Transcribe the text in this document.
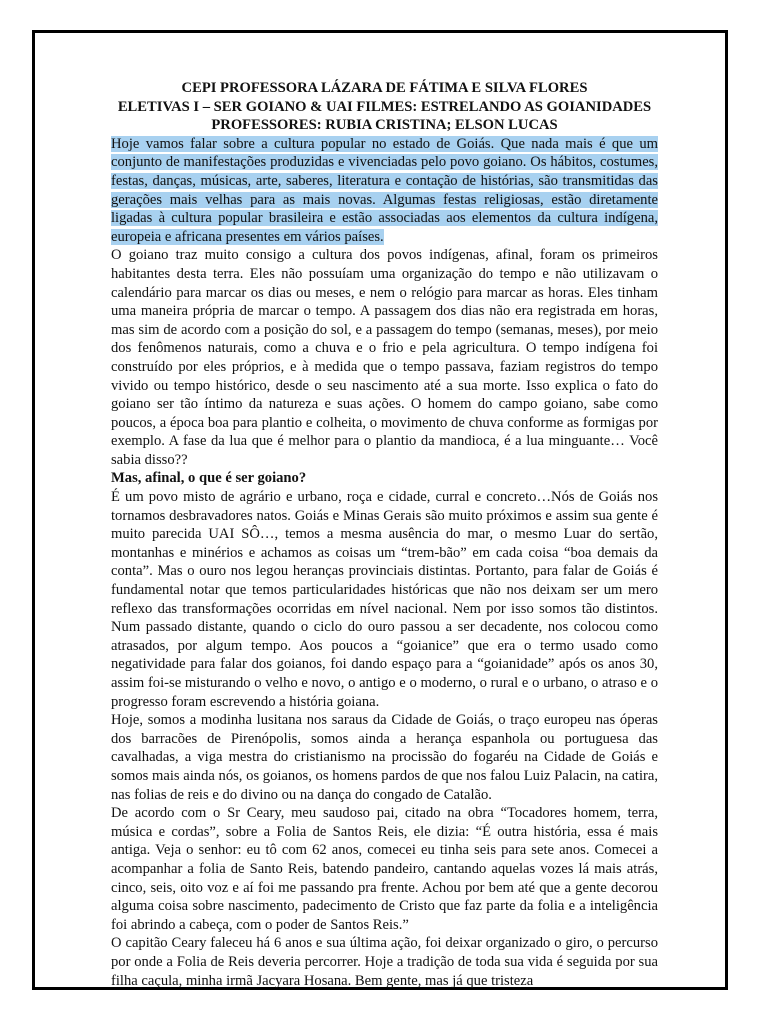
CEPI PROFESSORA LÁZARA DE FÁTIMA E SILVA FLORES
ELETIVAS I – SER GOIANO & UAI FILMES: ESTRELANDO AS GOIANIDADES
PROFESSORES: RUBIA CRISTINA; ELSON LUCAS

Hoje vamos falar sobre a cultura popular no estado de Goiás. Que nada mais é que um conjunto de manifestações produzidas e vivenciadas pelo povo goiano. Os hábitos, costumes, festas, danças, músicas, arte, saberes, literatura e contação de histórias, são transmitidas das gerações mais velhas para as mais novas. Algumas festas religiosas, estão diretamente ligadas à cultura popular brasileira e estão associadas aos elementos da cultura indígena, europeia e africana presentes em vários países.

O goiano traz muito consigo a cultura dos povos indígenas, afinal, foram os primeiros habitantes desta terra. Eles não possuíam uma organização do tempo e não utilizavam o calendário para marcar os dias ou meses, e nem o relógio para marcar as horas. Eles tinham uma maneira própria de marcar o tempo. A passagem dos dias não era registrada em horas, mas sim de acordo com a posição do sol, e a passagem do tempo (semanas, meses), por meio dos fenômenos naturais, como a chuva e o frio e pela agricultura. O tempo indígena foi construído por eles próprios, e à medida que o tempo passava, faziam registros do tempo vivido ou tempo histórico, desde o seu nascimento até a sua morte. Isso explica o fato do goiano ser tão íntimo da natureza e suas ações. O homem do campo goiano, sabe como poucos, a época boa para plantio e colheita, o movimento de chuva conforme as formigas por exemplo. A fase da lua que é melhor para o plantio da mandioca, é a lua minguante… Você sabia disso??

Mas, afinal, o que é ser goiano?

É um povo misto de agrário e urbano, roça e cidade, curral e concreto…Nós de Goiás nos tornamos desbravadores natos. Goiás e Minas Gerais são muito próximos e assim sua gente é muito parecida UAI SÔ…, temos a mesma ausência do mar, o mesmo Luar do sertão, montanhas e minérios e achamos as coisas um “trem-bão” em cada coisa “boa demais da conta”. Mas o ouro nos legou heranças provinciais distintas. Portanto, para falar de Goiás é fundamental notar que temos particularidades históricas que não nos deixam ser um mero reflexo das transformações ocorridas em nível nacional. Nem por isso somos tão distintos. Num passado distante, quando o ciclo do ouro passou a ser decadente, nos colocou como atrasados, por algum tempo. Aos poucos a “goianice” que era o termo usado como negatividade para falar dos goianos, foi dando espaço para a “goianidade” após os anos 30, assim foi-se misturando o velho e novo, o antigo e o moderno, o rural e o urbano, o atraso e o progresso foram escrevendo a história goiana.

Hoje, somos a modinha lusitana nos saraus da Cidade de Goiás, o traço europeu nas óperas dos barracões de Pirenópolis, somos ainda a herança espanhola ou portuguesa das cavalhadas, a viga mestra do cristianismo na procissão do fogaréu na Cidade de Goiás e somos mais ainda nós, os goianos, os homens pardos de que nos falou Luiz Palacin, na catira, nas folias de reis e do divino ou na dança do congado de Catalão.

De acordo com o Sr Ceary, meu saudoso pai, citado na obra “Tocadores homem, terra, música e cordas”, sobre a Folia de Santos Reis, ele dizia: “É outra história, essa é mais antiga. Veja o senhor: eu tô com 62 anos, comecei eu tinha seis para sete anos. Comecei a acompanhar a folia de Santo Reis, batendo pandeiro, cantando aquelas vozes lá mais atrás, cinco, seis, oito voz e aí foi me passando pra frente. Achou por bem até que a gente decorou alguma coisa sobre nascimento, padecimento de Cristo que faz parte da folia e a inteligência foi abrindo a cabeça, com o poder de Santos Reis.”

O capitão Ceary faleceu há 6 anos e sua última ação, foi deixar organizado o giro, o percurso por onde a Folia de Reis deveria percorrer. Hoje a tradição de toda sua vida é seguida por sua filha caçula, minha irmã Jacyara Hosana. Bem gente, mas já que tristeza
